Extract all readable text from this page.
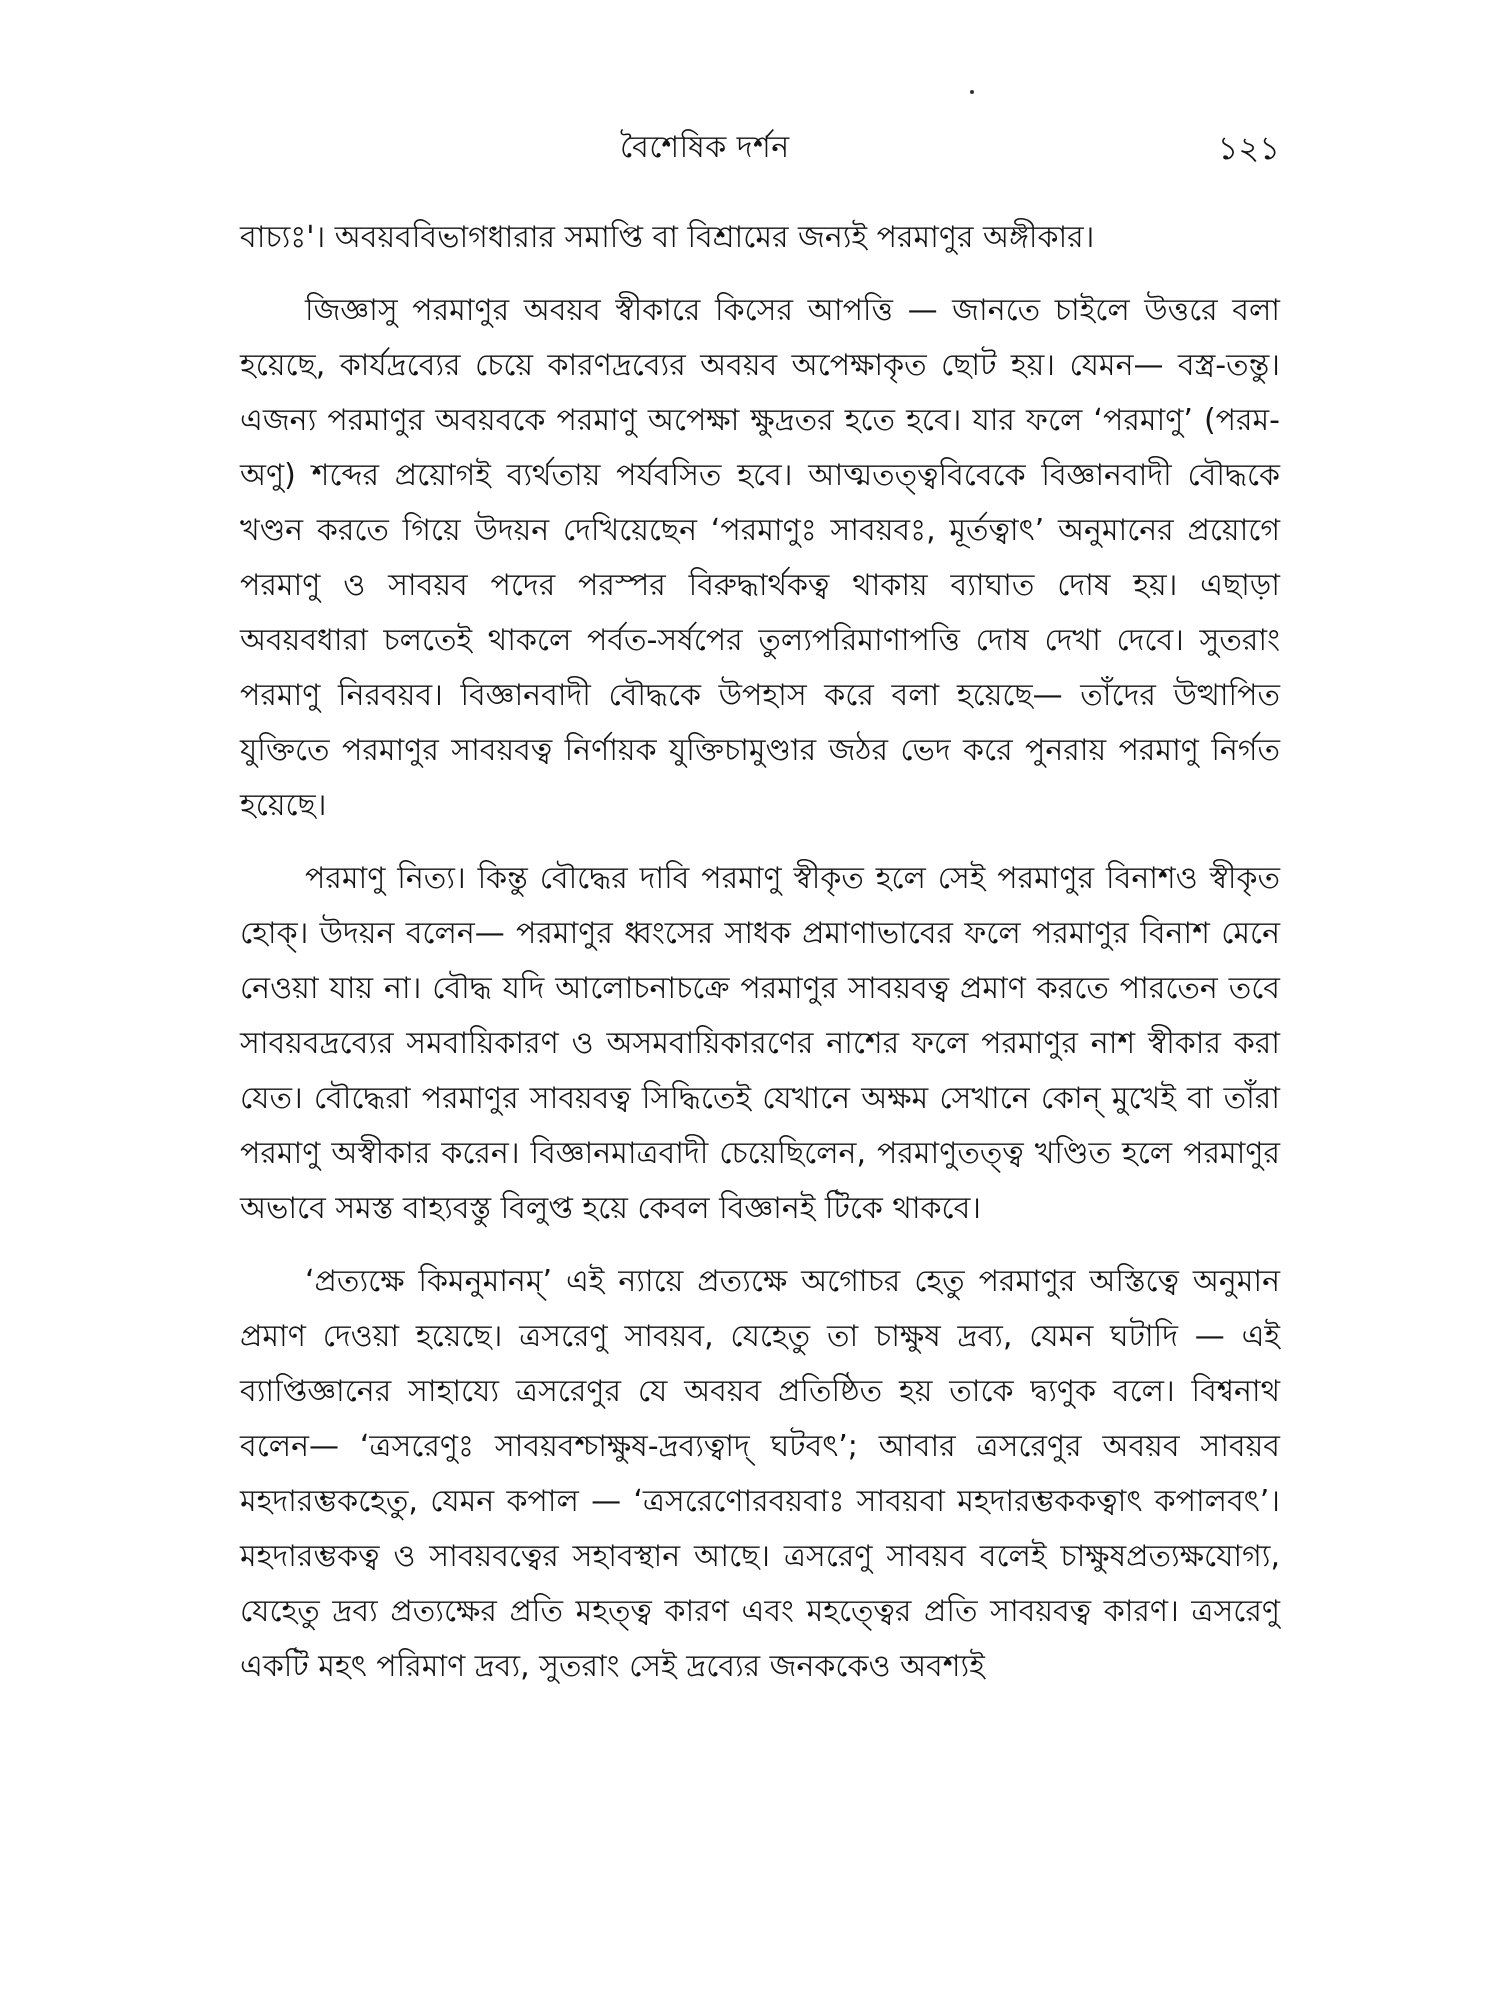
বৈশেষিক দর্শন	১২১

বাচ্যঃ'। অবয়ববিভাগধারার সমাপ্তি বা বিশ্রামের জন্যই পরমাণুর অঙ্গীকার।

জিজ্ঞাসু পরমাণুর অবয়ব স্বীকারে কিসের আপত্তি — জানতে চাইলে উত্তরে বলা হয়েছে, কার্যদ্রব্যের চেয়ে কারণদ্রব্যের অবয়ব অপেক্ষাকৃত ছোট হয়। যেমন— বস্ত্র-তন্তু। এজন্য পরমাণুর অবয়বকে পরমাণু অপেক্ষা ক্ষুদ্রতর হতে হবে। যার ফলে ‘পরমাণু’ (পরম-অণু) শব্দের প্রয়োগই ব্যর্থতায় পর্যবসিত হবে। আত্মতত্ত্ববিবেকে বিজ্ঞানবাদী বৌদ্ধকে খণ্ডন করতে গিয়ে উদয়ন দেখিয়েছেন ‘পরমাণুঃ সাবয়বঃ, মূর্তত্বাৎ’ অনুমানের প্রয়োগে পরমাণু ও সাবয়ব পদের পরস্পর বিরুদ্ধার্থকত্ব থাকায় ব্যাঘাত দোষ হয়। এছাড়া অবয়বধারা চলতেই থাকলে পর্বত-সর্ষপের তুল্যপরিমাণাপত্তি দোষ দেখা দেবে। সুতরাং পরমাণু নিরবয়ব। বিজ্ঞানবাদী বৌদ্ধকে উপহাস করে বলা হয়েছে— তাঁদের উত্থাপিত যুক্তিতে পরমাণুর সাবয়বত্ব নির্ণায়ক যুক্তিচামুণ্ডার জঠর ভেদ করে পুনরায় পরমাণু নির্গত হয়েছে।

পরমাণু নিত্য। কিন্তু বৌদ্ধের দাবি পরমাণু স্বীকৃত হলে সেই পরমাণুর বিনাশও স্বীকৃত হোক্। উদয়ন বলেন— পরমাণুর ধ্বংসের সাধক প্রমাণাভাবের ফলে পরমাণুর বিনাশ মেনে নেওয়া যায় না। বৌদ্ধ যদি আলোচনাচক্রে পরমাণুর সাবয়বত্ব প্রমাণ করতে পারতেন তবে সাবয়বদ্রব্যের সমবায়িকারণ ও অসমবায়িকারণের নাশের ফলে পরমাণুর নাশ স্বীকার করা যেত। বৌদ্ধেরা পরমাণুর সাবয়বত্ব সিদ্ধিতেই যেখানে অক্ষম সেখানে কোন্ মুখেই বা তাঁরা পরমাণু অস্বীকার করেন। বিজ্ঞানমাত্রবাদী চেয়েছিলেন, পরমাণুতত্ত্ব খণ্ডিত হলে পরমাণুর অভাবে সমস্ত বাহ্যবস্তু বিলুপ্ত হয়ে কেবল বিজ্ঞানই টিকে থাকবে।

‘প্রত্যক্ষে কিমনুমানম্’ এই ন্যায়ে প্রত্যক্ষে অগোচর হেতু পরমাণুর অস্তিত্বে অনুমান প্রমাণ দেওয়া হয়েছে। ত্রসরেণু সাবয়ব, যেহেতু তা চাক্ষুষ দ্রব্য, যেমন ঘটাদি — এই ব্যাপ্তিজ্ঞানের সাহায্যে ত্রসরেণুর যে অবয়ব প্রতিষ্ঠিত হয় তাকে দ্ব্যণুক বলে। বিশ্বনাথ বলেন— ‘ত্রসরেণুঃ সাবয়বশ্চাক্ষুষ-দ্রব্যত্বাদ্ ঘটবৎ’; আবার ত্রসরেণুর অবয়ব সাবয়ব মহদারম্ভকহেতু, যেমন কপাল — ‘ত্রসরেণোরবয়বাঃ সাবয়বা মহদারম্ভককত্বাৎ কপালবৎ’। মহদারম্ভকত্ব ও সাবয়বত্বের সহাবস্থান আছে। ত্রসরেণু সাবয়ব বলেই চাক্ষুষপ্রত্যক্ষযোগ্য, যেহেতু দ্রব্য প্রত্যক্ষের প্রতি মহত্ত্ব কারণ এবং মহত্ত্বের প্রতি সাবয়বত্ব কারণ। ত্রসরেণু একটি মহৎ পরিমাণ দ্রব্য, সুতরাং সেই দ্রব্যের জনককেও অবশ্যই
